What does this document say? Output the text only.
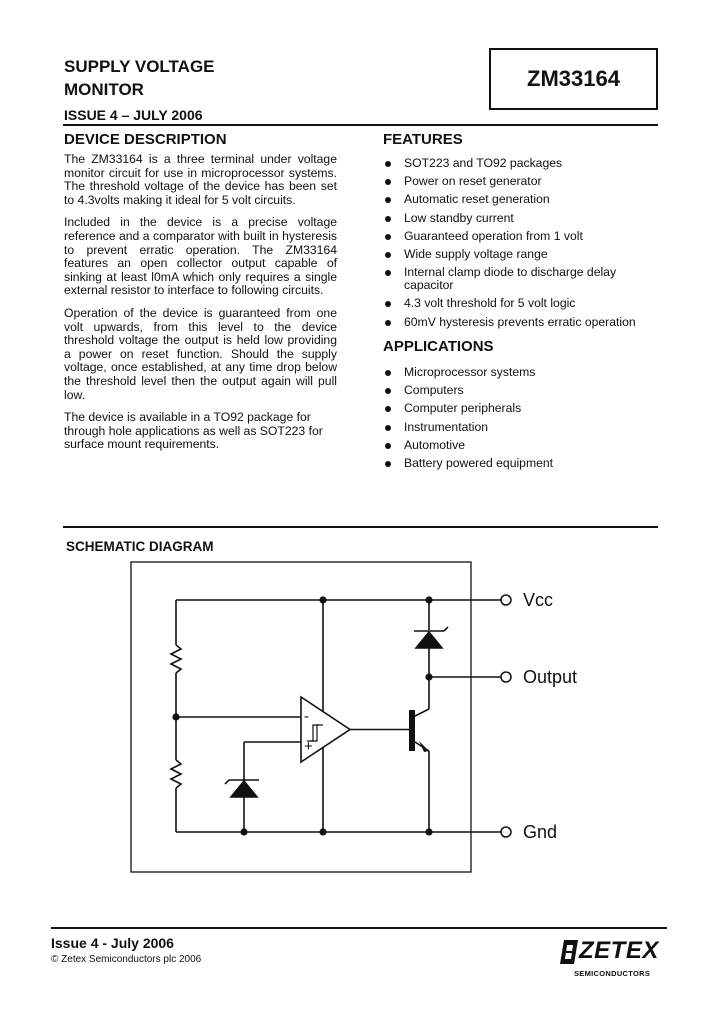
SUPPLY VOLTAGE
MONITOR
ISSUE 4 – JULY 2006
ZM33164
DEVICE DESCRIPTION

The ZM33164 is a three terminal under voltage monitor circuit for use in microprocessor systems. The threshold voltage of the device has been set to 4.3volts making it ideal for 5 volt circuits.

Included in the device is a precise voltage reference and a comparator with built in hysteresis to prevent erratic operation. The ZM33164 features an open collector output capable of sinking at least l0mA which only requires a single external resistor to interface to following circuits.

Operation of the device is guaranteed from one volt upwards, from this level to the device threshold voltage the output is held low providing a power on reset function. Should the supply voltage, once established, at any time drop below the threshold level then the output again will pull low.

The device is available in a TO92 package for through hole applications as well as SOT223 for surface mount requirements.

FEATURES
SOT223 and TO92 packages
Power on reset generator
Automatic reset generation
Low standby current
Guaranteed operation from 1 volt
Wide supply voltage range
Internal clamp diode to discharge delay capacitor
4.3 volt threshold for 5 volt logic
60mV hysteresis prevents erratic operation
APPLICATIONS
Microprocessor systems
Computers
Computer peripherals
Instrumentation
Automotive
Battery powered equipment
SCHEMATIC DIAGRAM
-
+
Vcc
Output
Gnd
Issue 4 - July 2006
© Zetex Semiconductors plc 2006	ZETEX
SEMICONDUCTORS
